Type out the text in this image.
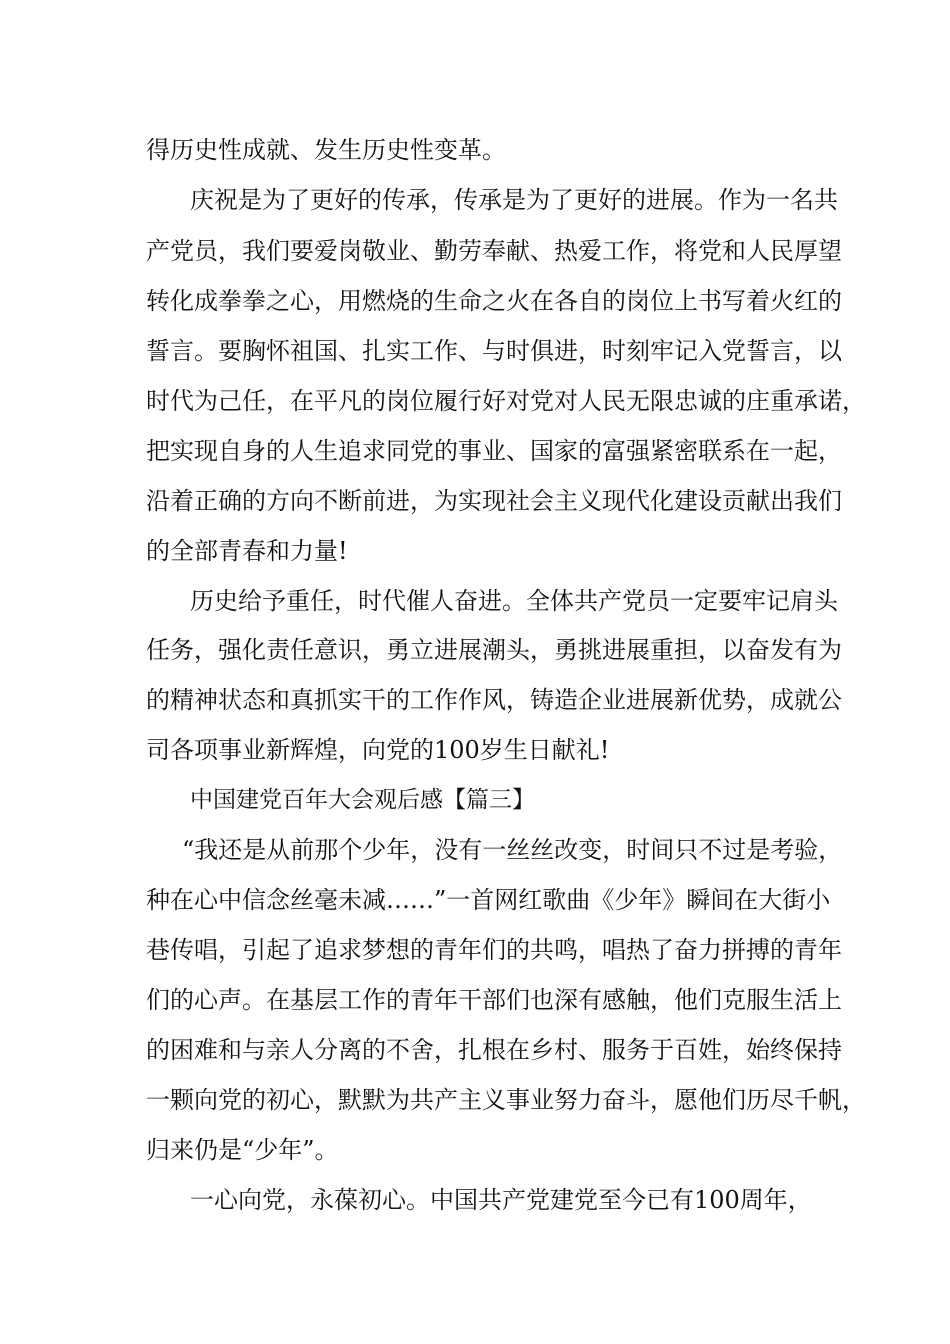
得历史性成就、发生历史性变革。

庆祝是为了更好的传承，传承是为了更好的进展。作为一名共

产党员，我们要爱岗敬业、勤劳奉献、热爱工作，将党和人民厚望

转化成拳拳之心，用燃烧的生命之火在各自的岗位上书写着火红的

誓言。要胸怀祖国、扎实工作、与时俱进，时刻牢记入党誓言，以

时代为己任，在平凡的岗位履行好对党对人民无限忠诚的庄重承诺，

把实现自身的人生追求同党的事业、国家的富强紧密联系在一起，

沿着正确的方向不断前进，为实现社会主义现代化建设贡献出我们

的全部青春和力量!

历史给予重任，时代催人奋进。全体共产党员一定要牢记肩头

任务，强化责任意识，勇立进展潮头，勇挑进展重担，以奋发有为

的精神状态和真抓实干的工作作风，铸造企业进展新优势，成就公

司各项事业新辉煌，向党的100岁生日献礼!

中国建党百年大会观后感【篇三】

“我还是从前那个少年，没有一丝丝改变，时间只不过是考验，

种在心中信念丝毫未减……”一首网红歌曲《少年》瞬间在大街小

巷传唱，引起了追求梦想的青年们的共鸣，唱热了奋力拼搏的青年

们的心声。在基层工作的青年干部们也深有感触，他们克服生活上

的困难和与亲人分离的不舍，扎根在乡村、服务于百姓，始终保持

一颗向党的初心，默默为共产主义事业努力奋斗，愿他们历尽千帆，

归来仍是“少年”。

一心向党，永葆初心。中国共产党建党至今已有100周年，
